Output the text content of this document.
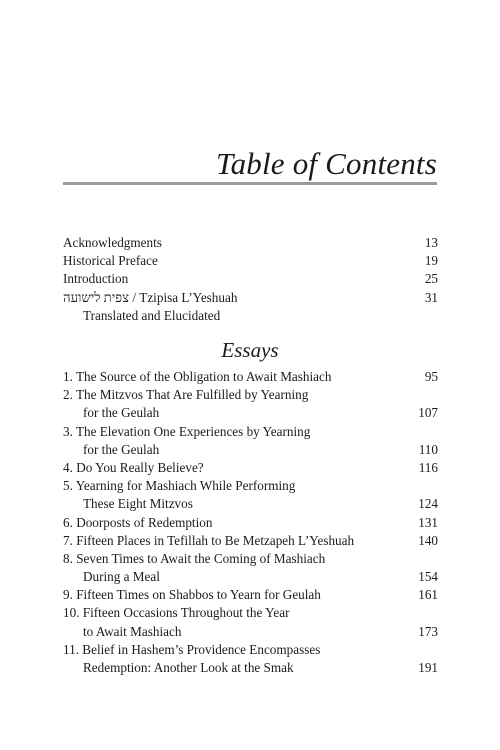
Table of Contents
Acknowledgments	13
Historical Preface	19
Introduction	25
צפית לישועה / Tzipisa L’Yeshuah	31
Translated and Elucidated
Essays
1. The Source of the Obligation to Await Mashiach	95
2. The Mitzvos That Are Fulfilled by Yearning
for the Geulah	107
3. The Elevation One Experiences by Yearning
for the Geulah	110
4. Do You Really Believe?	116
5. Yearning for Mashiach While Performing
These Eight Mitzvos	124
6. Doorposts of Redemption	131
7. Fifteen Places in Tefillah to Be Metzapeh L’Yeshuah	140
8. Seven Times to Await the Coming of Mashiach
During a Meal	154
9. Fifteen Times on Shabbos to Yearn for Geulah	161
10. Fifteen Occasions Throughout the Year
to Await Mashiach	173
11. Belief in Hashem’s Providence Encompasses
Redemption: Another Look at the Smak	191
